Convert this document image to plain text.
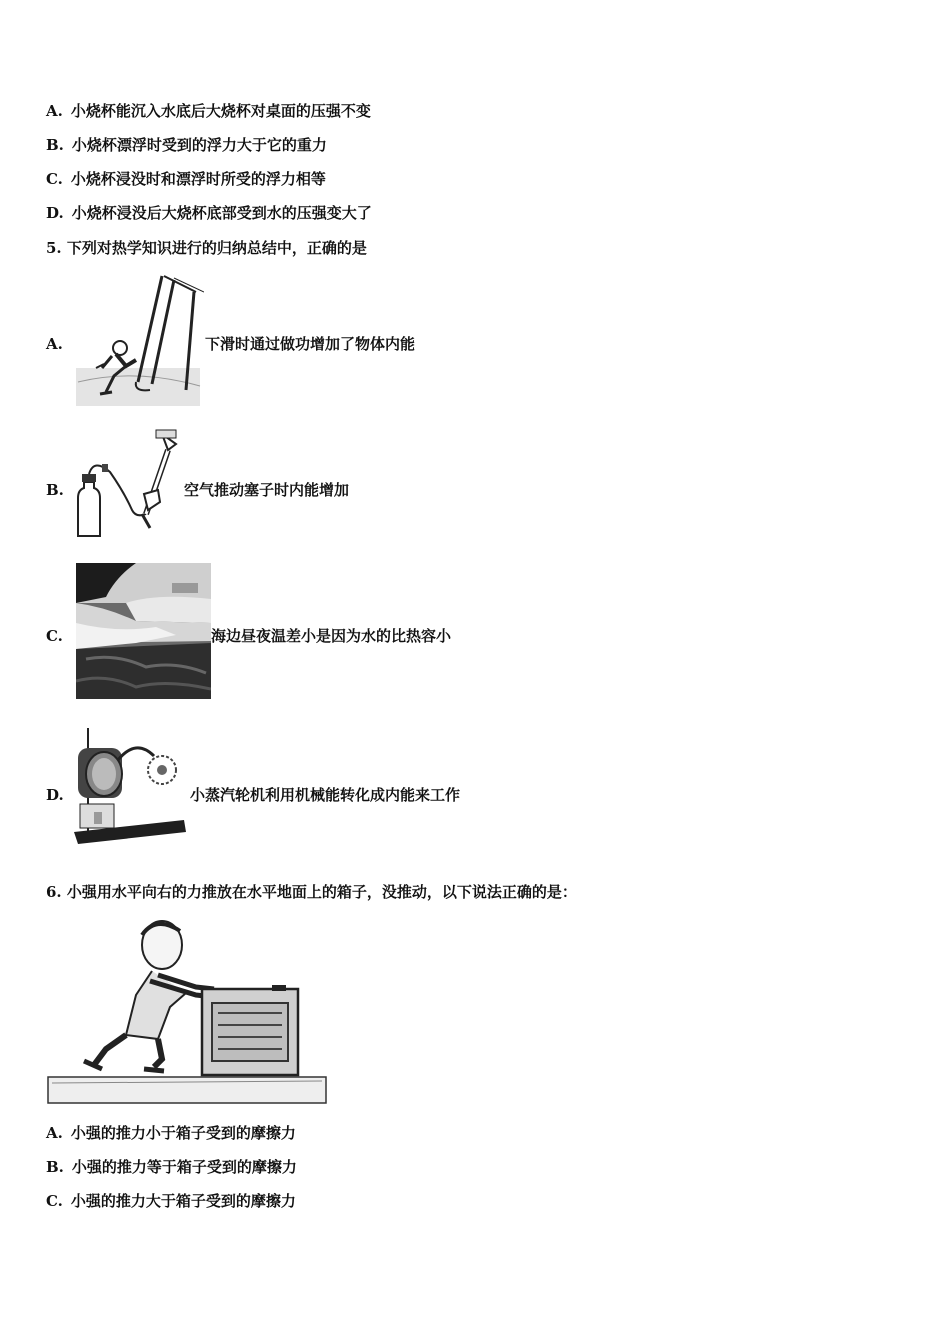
A. 小烧杯能沉入水底后大烧杯对桌面的压强不变
B. 小烧杯漂浮时受到的浮力大于它的重力
C. 小烧杯浸没时和漂浮时所受的浮力相等
D. 小烧杯浸没后大烧杯底部受到水的压强变大了
5. 下列对热学知识进行的归纳总结中，正确的是
A.	下滑时通过做功增加了物体内能
B.	空气推动塞子时内能增加
C.	海边昼夜温差小是因为水的比热容小
D.	小蒸汽轮机利用机械能转化成内能来工作
6. 小强用水平向右的力推放在水平地面上的箱子，没推动，以下说法正确的是：
A. 小强的推力小于箱子受到的摩擦力
B. 小强的推力等于箱子受到的摩擦力
C. 小强的推力大于箱子受到的摩擦力
